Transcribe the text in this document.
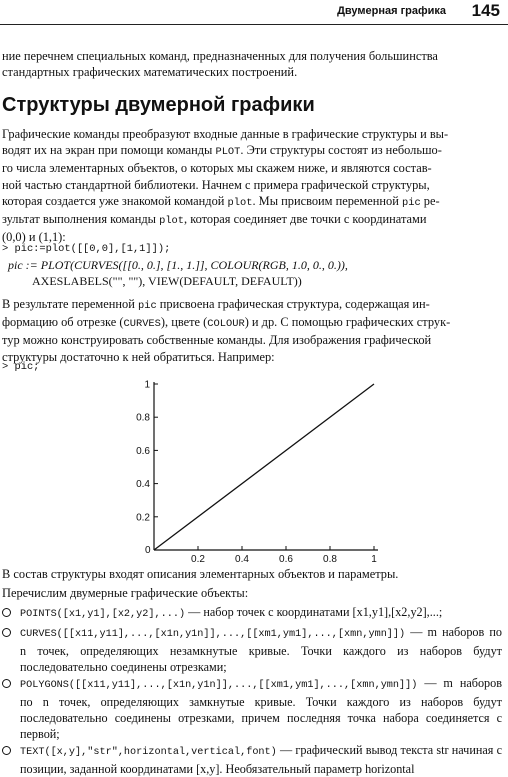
Двумерная графика 145
ние перечнем специальных команд, предназначенных для получения большинства
стандартных графических математических построений.
Структуры двумерной графики
Графические команды преобразуют входные данные в графические структуры и вы-
водят их на экран при помощи команды PLOT. Эти структуры состоят из небольшо-
го числа элементарных объектов, о которых мы скажем ниже, и являются состав-
ной частью стандартной библиотеки. Начнем с примера графической структуры,
которая создается уже знакомой командой plot. Мы присвоим переменной pic ре-
зультат выполнения команды plot, которая соединяет две точки с координатами
(0,0) и (1,1):
> pic:=plot([[0,0],[1,1]]);
pic := PLOT(CURVES([[0., 0.], [1., 1.]], COLOUR(RGB, 1.0, 0., 0.)),
AXESLABELS("", ""), VIEW(DEFAULT, DEFAULT))
В результате переменной pic присвоена графическая структура, содержащая ин-
формацию об отрезке (CURVES), цвете (COLOUR) и др. С помощью графических струк-
тур можно конструировать собственные команды. Для изображения графической
структуры достаточно к ней обратиться. Например:
> pic;
0
0.2	0.4	0.6	0.8	1
0.2
0.4
0.6
0.8
1
В состав структуры входят описания элементарных объектов и параметры.
Перечислим двумерные графические объекты:
POINTS([x1,y1],[x2,y2],...) — набор точек с координатами [x1,y1],[x2,y2],...;
CURVES([[x11,y11],...,[x1n,y1n]],...,[[xm1,ym1],...,[xmn,ymn]]) — m наборов по n точек, определяющих незамкнутые кривые. Точки каждого из наборов будут последовательно соединены отрезками;
POLYGONS([[x11,y11],...,[x1n,y1n]],...,[[xm1,ym1],...,[xmn,ymn]]) — m наборов по n точек, определяющих замкнутые кривые. Точки каждого из наборов будут последовательно соединены отрезками, причем последняя точка набора соединяется с первой;
TEXT([x,y],"str",horizontal,vertical,font) — графический вывод текста str начиная с позиции, заданной координатами [x,y]. Необязательный параметр horizontal
